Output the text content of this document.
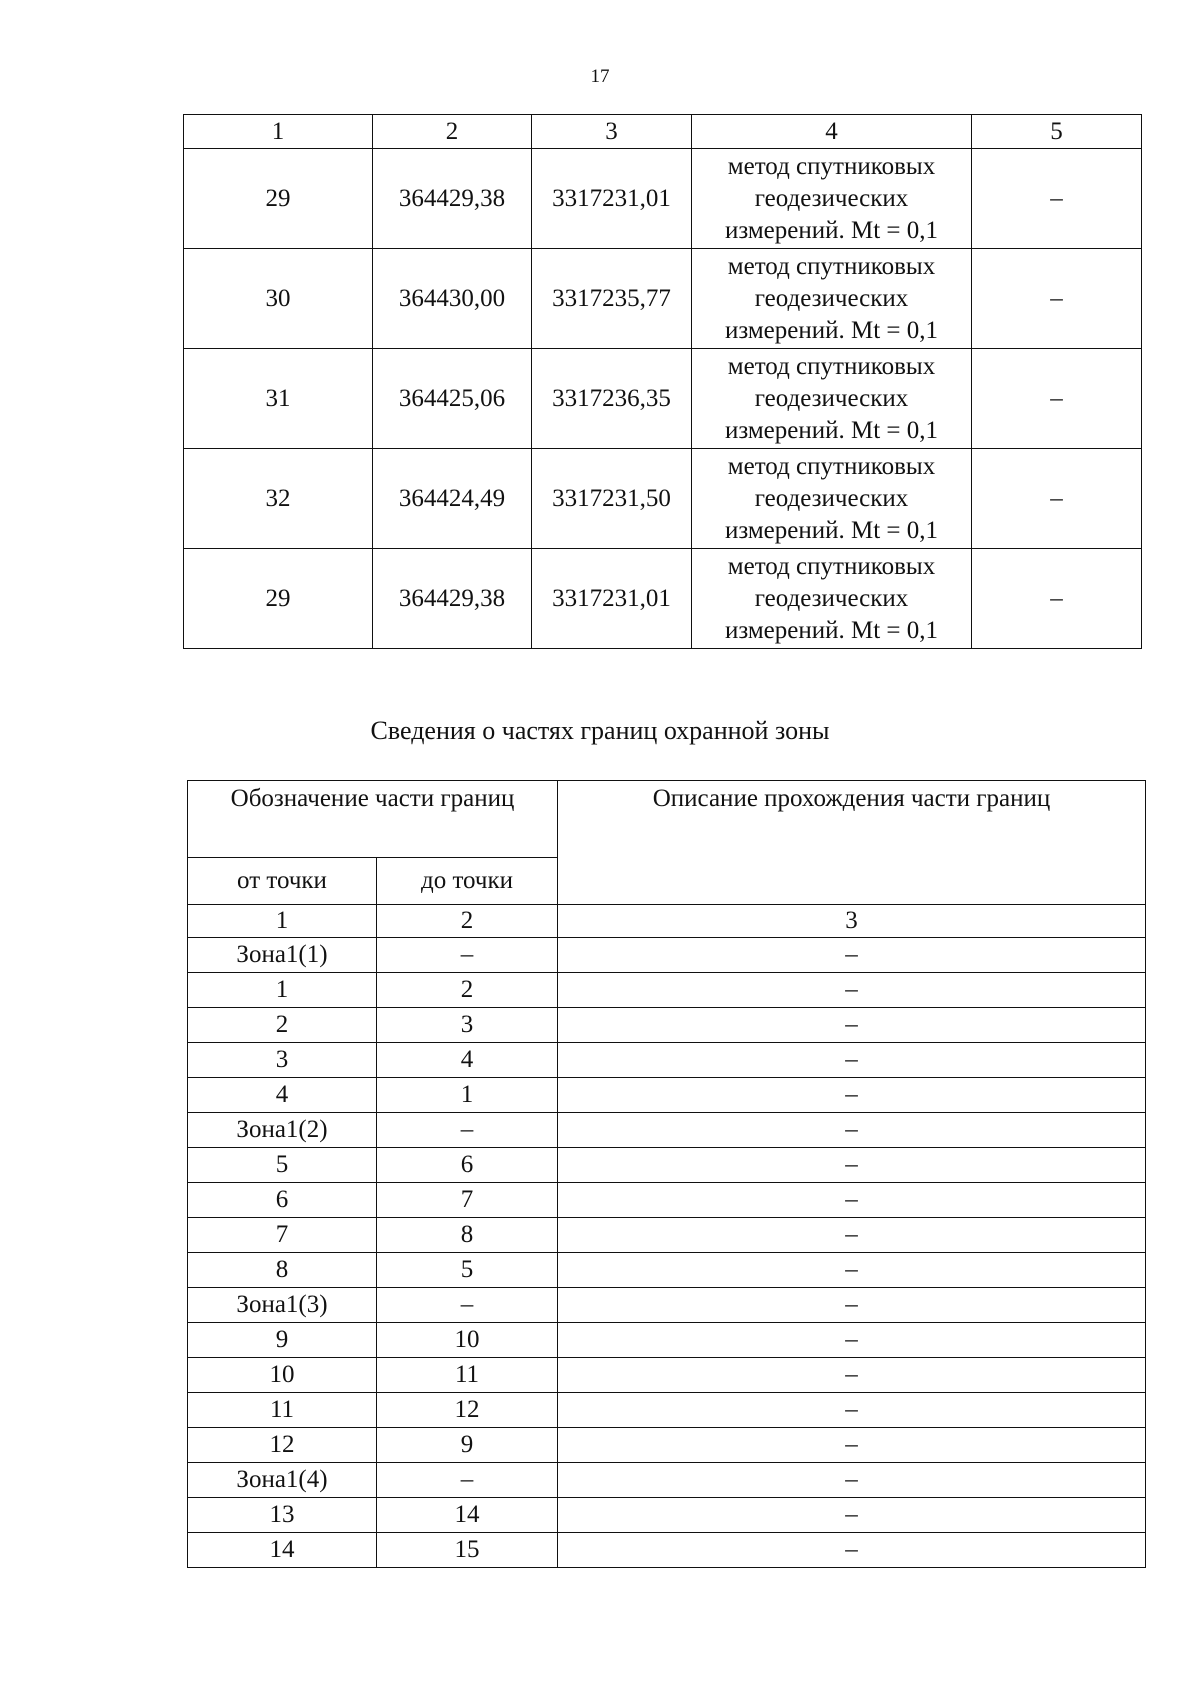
17
1	2	3	4	5
29	364429,38	3317231,01	метод спутниковых
геодезических
измерений. Mt = 0,1	–
30	364430,00	3317235,77	метод спутниковых
геодезических
измерений. Mt = 0,1	–
31	364425,06	3317236,35	метод спутниковых
геодезических
измерений. Mt = 0,1	–
32	364424,49	3317231,50	метод спутниковых
геодезических
измерений. Mt = 0,1	–
29	364429,38	3317231,01	метод спутниковых
геодезических
измерений. Mt = 0,1	–
Сведения о частях границ охранной зоны
Обозначение части границ		Описание прохождения части границ
от точки	до точки	
1	2	3
Зона1(1)	–	–
1	2	–
2	3	–
3	4	–
4	1	–
Зона1(2)	–	–
5	6	–
6	7	–
7	8	–
8	5	–
Зона1(3)	–	–
9	10	–
10	11	–
11	12	–
12	9	–
Зона1(4)	–	–
13	14	–
14	15	–
